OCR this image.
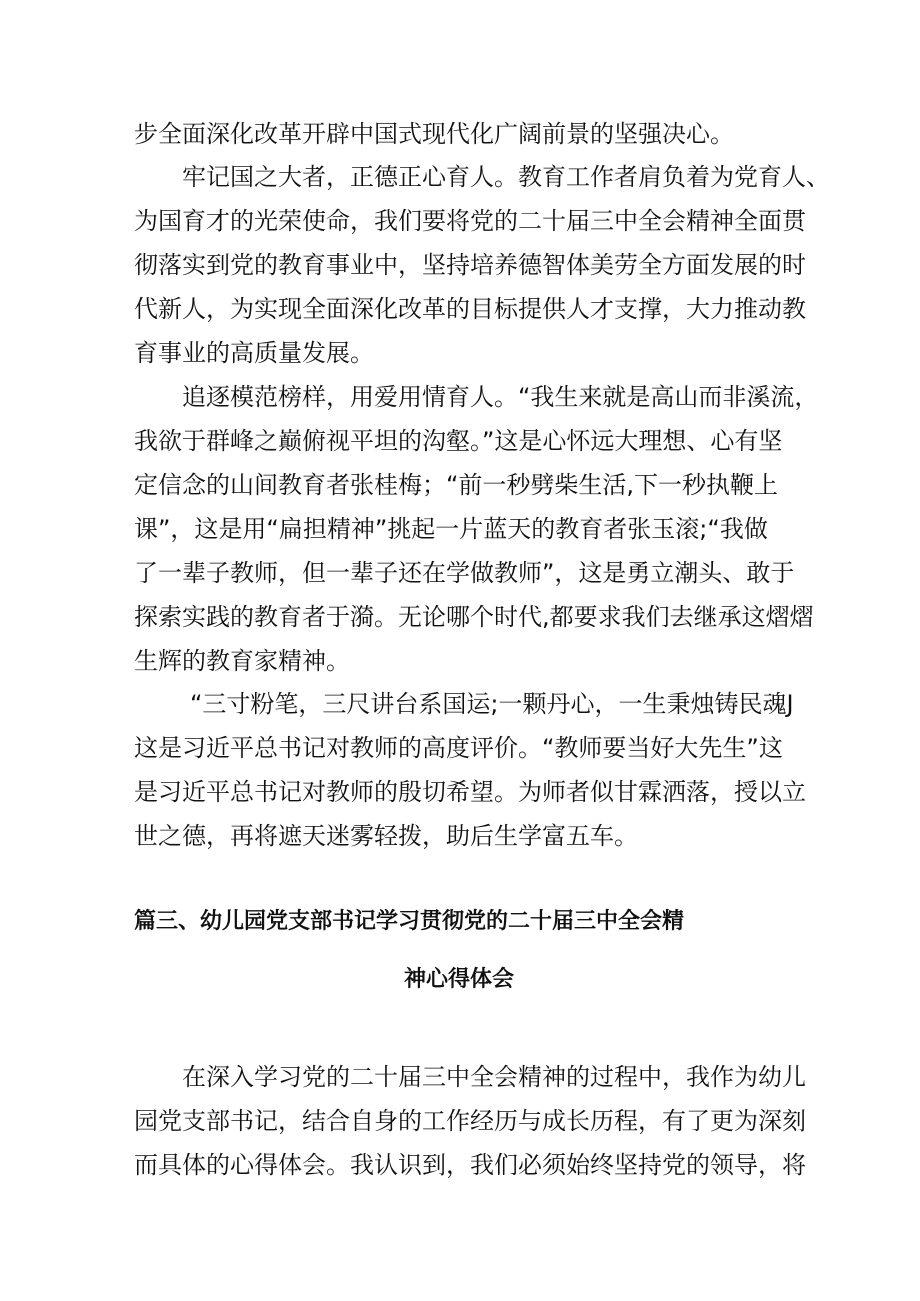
步全面深化改革开辟中国式现代化广阔前景的坚强决心。
牢记国之大者，正德正心育人。教育工作者肩负着为党育人、
为国育才的光荣使命，我们要将党的二十届三中全会精神全面贯
彻落实到党的教育事业中，坚持培养德智体美劳全方面发展的时
代新人，为实现全面深化改革的目标提供人才支撑，大力推动教
育事业的高质量发展。
追逐模范榜样，用爱用情育人。“我生来就是高山而非溪流，
我欲于群峰之巅俯视平坦的沟壑。”这是心怀远大理想、心有坚
定信念的山间教育者张桂梅；“前一秒劈柴生活,下一秒执鞭上
课”，这是用“扁担精神”挑起一片蓝天的教育者张玉滚;“我做
了一辈子教师，但一辈子还在学做教师”，这是勇立潮头、敢于
探索实践的教育者于漪。无论哪个时代,都要求我们去继承这熠熠
生辉的教育家精神。
“三寸粉笔，三尺讲台系国运;一颗丹心，一生秉烛铸民魂J
这是习近平总书记对教师的高度评价。“教师要当好大先生”这
是习近平总书记对教师的殷切希望。为师者似甘霖洒落，授以立
世之德，再将遮天迷雾轻拨，助后生学富五车。
篇三、幼儿园党支部书记学习贯彻党的二十届三中全会精
神心得体会
在深入学习党的二十届三中全会精神的过程中，我作为幼儿
园党支部书记，结合自身的工作经历与成长历程，有了更为深刻
而具体的心得体会。我认识到，我们必须始终坚持党的领导，将
